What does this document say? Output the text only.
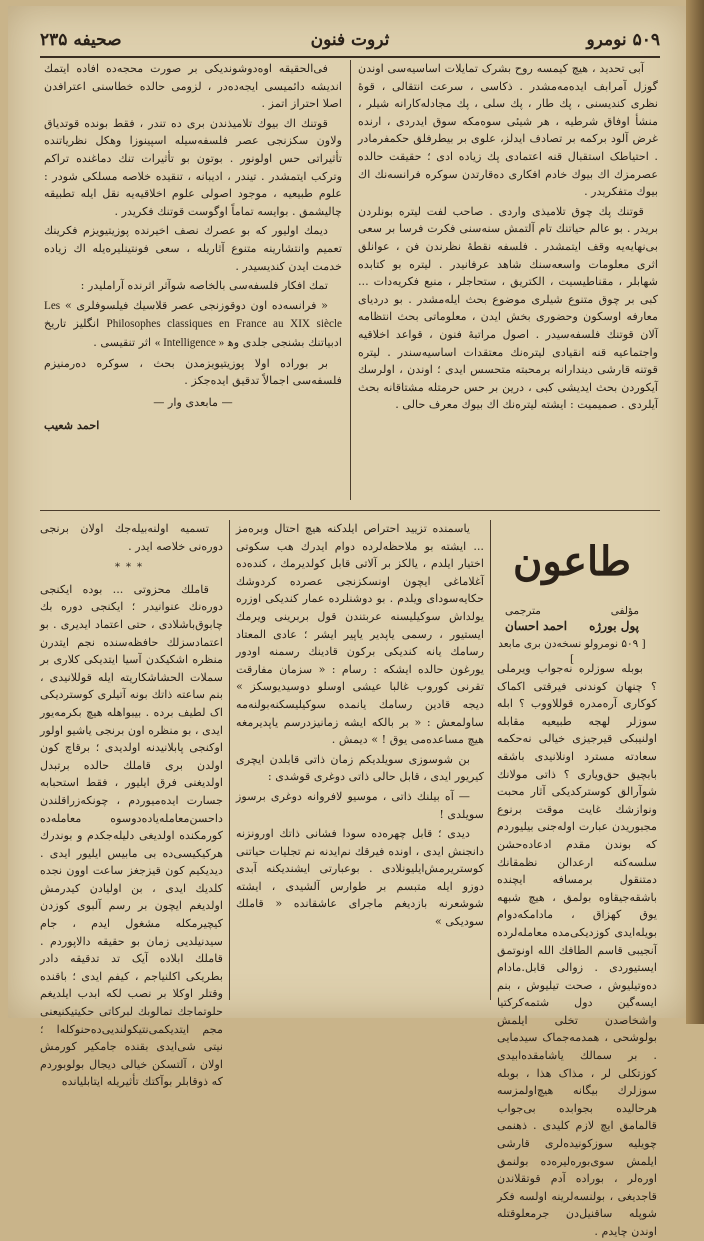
۵۰۹ نومرو
ثروت فنون
صحیفه ۲۳۵

آبی تحدید ، هیچ کیمسه روح بشرک تمایلات اساسیه‌سی اوندن گوزل آمرابف ایده‌مه‌مشدر . ذکاسی ، سرعت انتقالی ، قوۀ نظری کندیسنی ، پك طار ، پك سلی ، پك مجادله‌کارانه شیلر ، منشأ اوفاق شرطیه ، هر شیئی سوەمکه سوق ایدردی ، ارنده غرض آلود برکمه بر تصادف ایدلز، علوی بر بیطرفلق حکمفرمادر . احتیاطک استقبال قنه اعتمادی پك زیاده ادی ؛ حقیقت حالده عصرمزك اك بیوك خادم افکاری دەقارتدن سوکره فرانسەنك اك بیوك متفکریدر .

قوتنك پك چوق تلامیذی واردی . صاحب لفت لیتره بونلردن بریدر . بو عالم حیاتنك تام آلتمش سنه‌سنی فکرت فرسا بر سعی بی‌نهایه‌یه وقف ایتمشدر . فلسفه نقطۀ نظرندن فن ، عوانلق اثری معلومات واسعه‌سنك شاهد عرفانیدر . لیتره بو کتابده شهابلر ، مقناطیسیت ، الکتریق ، ستحاجلر ، منبع فکریه‌دات ... کبی بر چوق متنوع شیلری موضوع بحث ایلەمشدر . بو دردیای معارفه اوسکون وحضوری بخش ایدن ، معلوماتی بحث انتظامه آلان قوتنك فلسفه‌سیدر . اصول مراتبۀ فنون ، قواعد اخلاقیه واجتماعیه قنه انقیادی لیترەنك معتقدات اساسیه‌سندر . لیتره قوتنه قارشی دیندارانه برمحبته متحسس ایدی ؛ اوندن ، اولرسك آیکوردن بحث ایدیشی کبی ، درین بر حس حرمتله مشتاقانه بحث آیلردی . صمیمیت : ایشته لیترەنك اك بیوك معرف حالی .

فی‌الحقیقه اوەدوشوندیکی بر صورت محجه‌ده افاده ایتمك اندیشه دائمیسی ایجه‌دەدر ، لزومی حالده خطاسنی اعترافدن اصلا احتراز اتمز .

قوتنك اك بیوك تلامیذندن بری ده تندر ، فقط بونده قوتدیاق ولاون سکزنجی عصر فلسفه‌سیله اسپینوزا وهکل نظریاتنده تأثیراتی حس اولونور . بوتون بو تأثیرات تنك دماغنده تراکم وترکب ایتمشدر . تیندر ، ادیبانه ، تنقیده خلاصه مسلکی شودر : علوم طبیعیه ، موجود اصولی علوم اخلاقیه‌یه نقل ایله تطبیقه چالیشمق . بوایسه تماماً اوگوست قوتنك فکریدر .

دیمك اولیور که بو عصرك نصف اخیرنده پوزیتیویزم فکرینك تعمیم وانتشارینه متنوع آثاریله ، سعی فونتینلیره‌یله اك زیاده خدمت ایدن کندیسیدر .

تمك افکار فلسفه‌سی بالخاصه شوآثر اثرنده آراملیدر :

« فرانسه‌ده اون دوقوزنجی عصر قلاسیك فیلسوفلری » Les Philosophes classiques en France au XIX siècle انگلیز تاریخ ادبیاتنك بشنجی جلدی وﻫ « Intelligence » اثر تنقیسی .

بر بوراده اولا پوزیتیویزمدن بحث ، سوکره دەرمنیزم فلسفه‌سی اجمالاً تدقیق ایدەجکز .

— مابعدی وار —
احمد شعیب
طاعون
مؤلفی
مترجمی
پول بورژه
احمد احسان
[ ۵۰۹ نومرولو نسخه‌دن بری مابعد ]

بوبله سوزلره نه‌جواب ویرملی ؟ چنهان کوندنی فیرقتی اکماک کوکاری آرەمدرە قوللاووب ؟ ابله سوزلر لهجه طبیعیه مقابله اولنیبکی قیرجیزی خیالی نه‌حکمه سعادته مسترد اونلانیدی باشقه بابچیق حق‌ویاری ؟ ذاتی مولانك شوآرالق کوسترکدیکی آثار محبت ونوازشك غایت موقت برنوع مجبوریدن عبارت اوله‌جنی بیلیوردم که بوندن مقدم ادعاده‌حشن سلسه‌کنه ارعدالن نظمقانك دمتنقول برمسافه ایچنده باشقه‌جیقاوه بولمق ، هیچ شبهه یوق کهزاق ، مادامکه‌دوام بویله‌ایدی کوزدیکی‌مده معامله‌لرده آنجیبی قاسم الطافك الله اونوتمق ایستیوردی . زوالی قابل.مادام دەوتیلیوش ، صحت تیلیوش ، بنم ایسه‌گین دول شتمه‌‌کرکتیا واشخاصدن تخلی ایلمش بولوشحی ، همدمه‌‌جماک سیدمایی . بر سمالك یاشامقده‌ابیدی کوزتکلی لر ، مذاک هذا ، بوبله سوزلرك بیگانه هیچ‌اولمزسه هرحالیده بجوابده بی‌جواب قالمامق ایچ لازم کلیدی . ذهنمی چویلیه سوزکونیده‌لری قارشی ایلمش سوی‌بوره‌لیره‌ده بولنمق اوره‌لر ، بوراده آدم قوتقلاندن قاجدیغی ، بولنسه‌لرینه اولسه فکر شوپله ساقنیل‌دن جرمعلوقتله اوندن چایدم .

یاسمنده تزیید احتراص ایلدکنه هیچ احتال وبرەمز ... ایشته بو ملاحظه‌لرده دوام ایدرك هب سکوتی اختیار ایلدم ، یالکز بر آلاتی قابل کولدیرمك ، کنده‌ده آغلاماغی ایچون اونسکزنجی عصرده کردوشك حکایه‌سودای ویلدم . بو دوشنلرده عمار کندیکی اوزره یولداش سوکیلیسنه عربتندن قول بربرینی ویرمك ایستیور ، رسمی یاپدیر یاپیر ایشر ؛ عادی المعتاد رسامك یانه کندیکی برکون قادینك رسمنه اودور یورغون حالده ایشکه : رسام : « سزمان مفارقت تقرنی کوروب غالبا عیشی اوسلو دوسیدیوسکز » دیجه قادین رسامك یانمده سوکیلیسکنه‌بولنەمه ساولمعش : « بر بالکه ایشه زمانیزدرسم یاپدیرمغه هیچ مساعده‌می یوق ! » دیمش .

بن شوسوزی سویلدیکم زمان ذاتی قابلدن ایچری کیریور ایدی ، قابل حالی ذاتی دوغری قوشدی :

— آه بیلنك ذاتی ، موسیو لافروانه دوغری برسوز سویلدی !

دیدی ؛ قابل چهره‌ده سودا فشانی ذاتك اورونزنه دانجنش ایدی ، اونده فیرقك نم‌ایدنه نم تجلیات حیاتنی کوستریرمش‌ایلیونلادی . بوعبارتی ایشندیکنه آبدی دوزو ایله متبسم بر طوارس آلشیدی ، ایشته شوشعرنه بازدیغم ماجرای عاشقانده « قاملك سودیکی »

تسمیه اولنه‌بیله‌جك اولان برنجی دوره‌نی خلاصه ایدر .

***

قاملك محزوتی ... بوده ایکنجی دوره‌نك عنوانیدر ؛ ایکنجی دوره بك چابوق‌باشلادی ، حتی اعتماد ایدیری . بو اعتمادسزلك حافظه‌سنده نجم ایتدرن منظره اشکیکدن آسیا ایتدیکی کلاری بر سملات الحشاشکاریته ایله قوللانیدی ، بنم ساعته ذاتك بونه آتیلری کوستردیکی اک لطیف برده . بیبواهله هیچ بکرمه‌یور ایدی ، بو منظره اون برنجی یاشیو اولور اوکنجی پابلانیدنه اولدیدی ؛ برقاچ کون اولدن بری قاملك حالده برتبدل اولدیغنی فرق ایلیور ، فقط استحبابه جسارت ایده‌میوردم ، چونکه‌زراقلندن داحسن‌معامله‌یاده‌دوسوه معامله‌ده کورمکنده اولدیغی دلیله‌جکدم و بوندرك هرکیکیسی‌ده بی مابیس ایلیور ایدی . دیدیکیم کون قیزجغز ساعت اوون نجده کلدیك ایدی ، بن اولیادن کیدرمش اولدیغم ایچون بر رسم آلبوی کوزدن کیچیرمکله مشغول ایدم ، جام سیدنیلدیی زمان بو حقیقه دالاپوردم . قاملك ابلاده آیک تد تدقیقه دادر بطریکی اکلنیاجم ، کیفم ایدی ؛ باقنده وقتلر اوکلا بر نصب لکه ابدب ایلدیغم حلوتماجك تمالوبك لبرکاتی حکیتیکنیعنی مجم ایتدیکمی‌نتیکولندیی‌ده‌حنوکله‌ا ؛ نیتی شی‌ایدی بقنده جامکیر کورمش اولان ، آلتسکن خیالی دیجال بولوبوردم که ذوقابلر بوآکتك تأثیریله ایتابلیانده
